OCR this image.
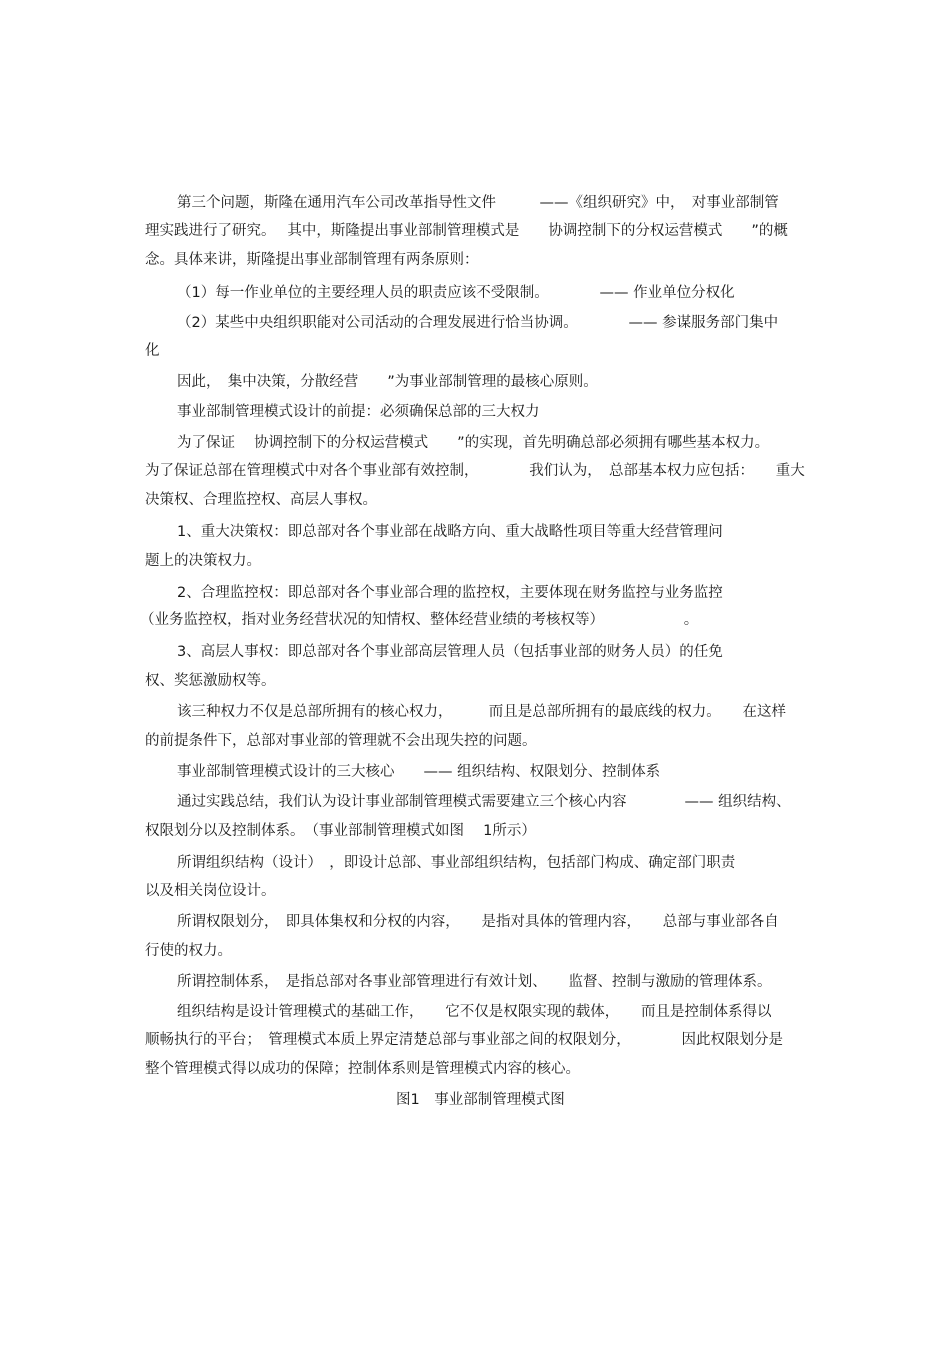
第三个问题，斯隆在通用汽车公司改革指导性文件　　　——《组织研究》中，　对事业部制管
理实践进行了研究。　 其中，斯隆提出事业部制管理模式是　　协调控制下的分权运营模式　　”的概
念。具体来讲，斯隆提出事业部制管理有两条原则：
（1）每一作业单位的主要经理人员的职责应该不受限制。　　　　—— 作业单位分权化
（2）某些中央组织职能对公司活动的合理发展进行恰当协调。　　　　—— 参谋服务部门集中
化
因此，　集中决策，分散经营　　”为事业部制管理的最核心原则。
事业部制管理模式设计的前提：必须确保总部的三大权力
为了保证　 协调控制下的分权运营模式　　”的实现，首先明确总部必须拥有哪些基本权力。
为了保证总部在管理模式中对各个事业部有效控制，　　　　我们认为，　总部基本权力应包括：　　重大
决策权、合理监控权、高层人事权。
1、重大决策权：即总部对各个事业部在战略方向、重大战略性项目等重大经营管理问
题上的决策权力。
2、合理监控权：即总部对各个事业部合理的监控权，主要体现在财务监控与业务监控
（业务监控权，指对业务经营状况的知情权、整体经营业绩的考核权等）　　　　　　。
3、高层人事权：即总部对各个事业部高层管理人员（包括事业部的财务人员）的任免
权、奖惩激励权等。
该三种权力不仅是总部所拥有的核心权力，　　　而且是总部所拥有的最底线的权力。　　在这样
的前提条件下，总部对事业部的管理就不会出现失控的问题。
事业部制管理模式设计的三大核心　　—— 组织结构、权限划分、控制体系
通过实践总结，我们认为设计事业部制管理模式需要建立三个核心内容　　　　—— 组织结构、
权限划分以及控制体系。　（事业部制管理模式如图　 1所示）
所谓组织结构（设计）　，即设计总部、事业部组织结构，包括部门构成、确定部门职责
以及相关岗位设计。
所谓权限划分，　即具体集权和分权的内容，　　是指对具体的管理内容，　　总部与事业部各自
行使的权力。
所谓控制体系，　是指总部对各事业部管理进行有效计划、　　监督、控制与激励的管理体系。
组织结构是设计管理模式的基础工作，　　它不仅是权限实现的载体，　　而且是控制体系得以
顺畅执行的平台；　管理模式本质上界定清楚总部与事业部之间的权限划分，　　　　因此权限划分是
整个管理模式得以成功的保障；控制体系则是管理模式内容的核心。
图1　事业部制管理模式图
